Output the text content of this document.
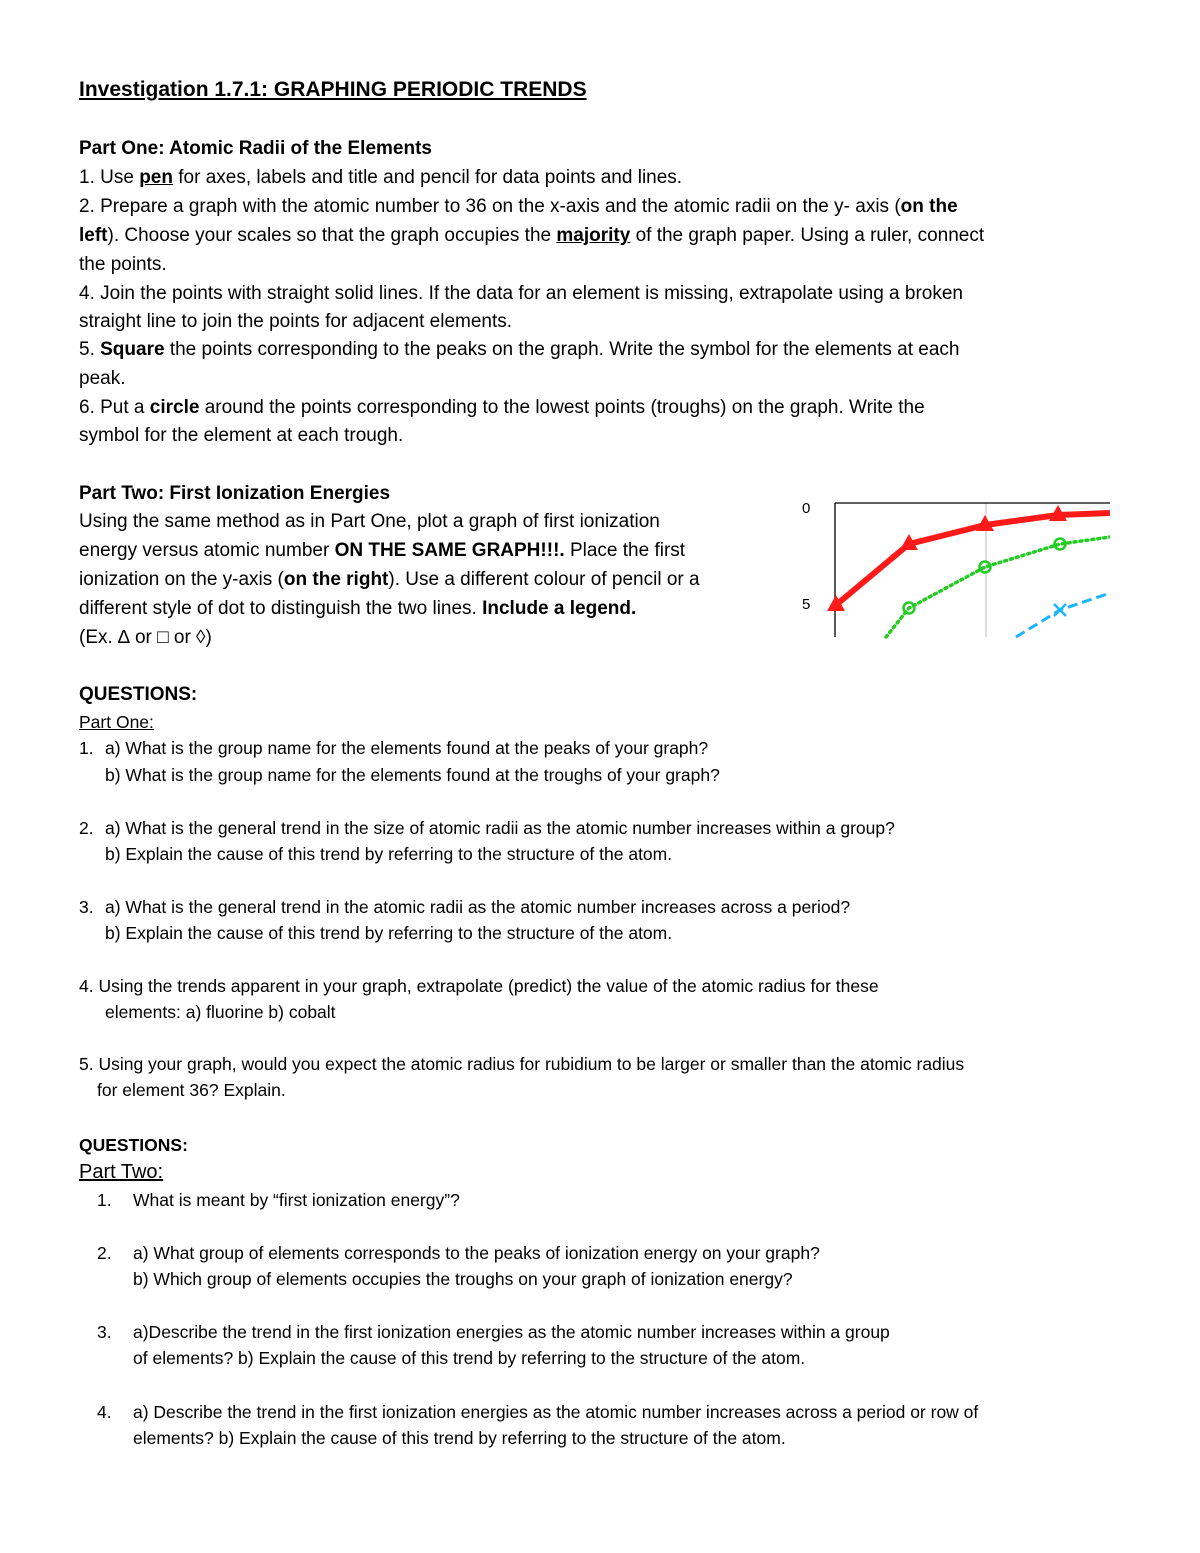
Investigation 1.7.1: GRAPHING PERIODIC TRENDS
Part One: Atomic Radii of the Elements
1. Use pen for axes, labels and title and pencil for data points and lines.
2. Prepare a graph with the atomic number to 36 on the x-axis and the atomic radii on the y- axis (on the
left). Choose your scales so that the graph occupies the majority of the graph paper. Using a ruler, connect
the points.
4. Join the points with straight solid lines. If the data for an element is missing, extrapolate using a broken
straight line to join the points for adjacent elements.
5. Square the points corresponding to the peaks on the graph. Write the symbol for the elements at each
peak.
6. Put a circle around the points corresponding to the lowest points (troughs) on the graph. Write the
symbol for the element at each trough.
Part Two: First Ionization Energies
Using the same method as in Part One, plot a graph of first ionization
energy versus atomic number ON THE SAME GRAPH!!!. Place the first
ionization on the y-axis (on the right). Use a different colour of pencil or a
different style of dot to distinguish the two lines. Include a legend.
(Ex. ∆ or □ or ◊)
0
5
QUESTIONS:
Part One:
1. a) What is the group name for the elements found at the peaks of your graph?
b) What is the group name for the elements found at the troughs of your graph?
2. a) What is the general trend in the size of atomic radii as the atomic number increases within a group?
b) Explain the cause of this trend by referring to the structure of the atom.
3. a) What is the general trend in the atomic radii as the atomic number increases across a period?
b) Explain the cause of this trend by referring to the structure of the atom.
4. Using the trends apparent in your graph, extrapolate (predict) the value of the atomic radius for these
elements: a) fluorine b) cobalt
5. Using your graph, would you expect the atomic radius for rubidium to be larger or smaller than the atomic radius
for element 36? Explain.
QUESTIONS:
Part Two:
1. What is meant by “first ionization energy”?
2. a) What group of elements corresponds to the peaks of ionization energy on your graph?
b) Which group of elements occupies the troughs on your graph of ionization energy?
3. a)Describe the trend in the first ionization energies as the atomic number increases within a group
of elements? b) Explain the cause of this trend by referring to the structure of the atom.
4. a) Describe the trend in the first ionization energies as the atomic number increases across a period or row of
elements? b) Explain the cause of this trend by referring to the structure of the atom.
